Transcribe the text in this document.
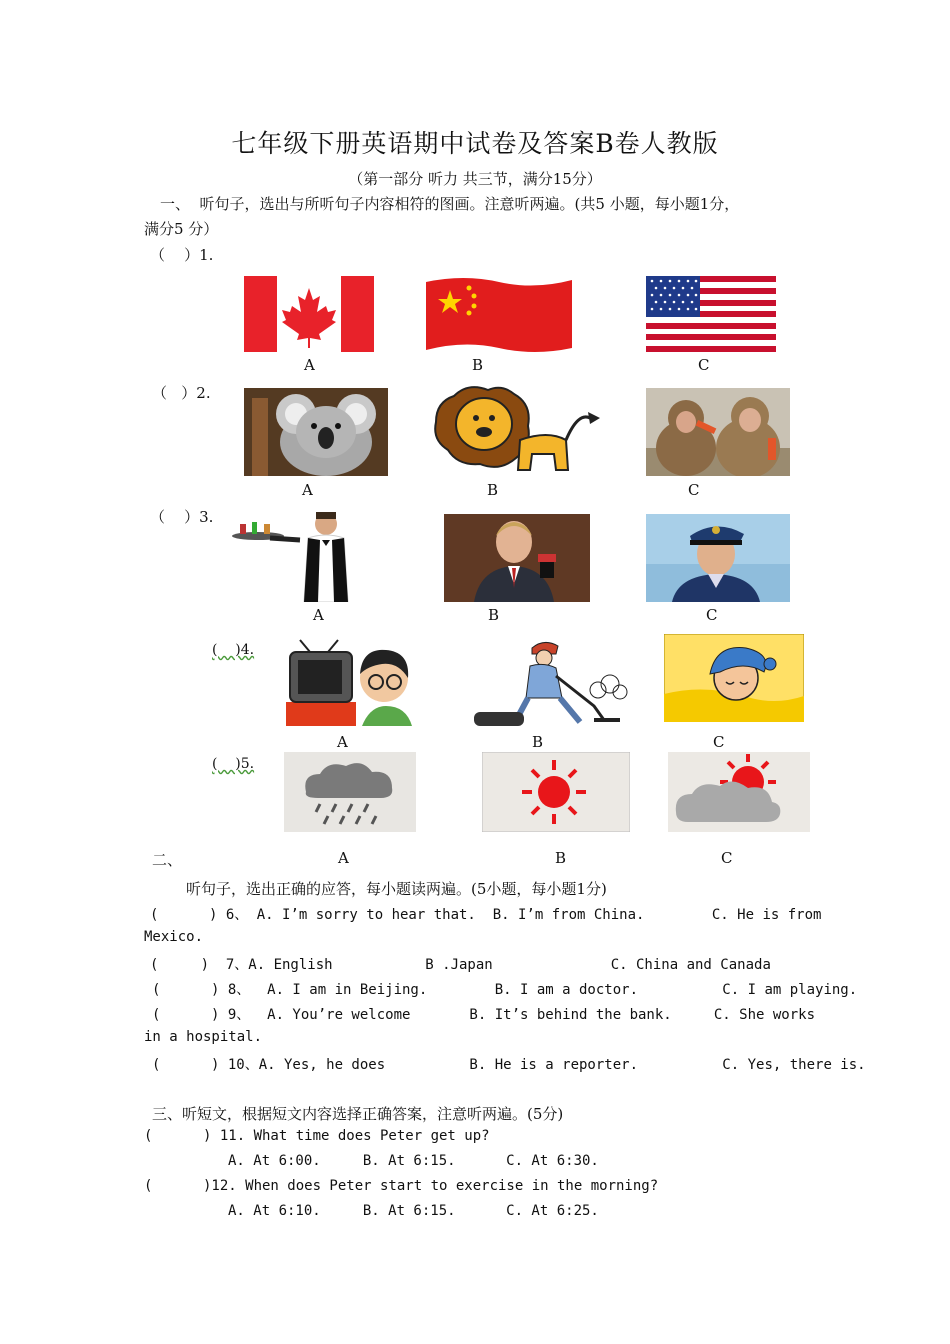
七年级下册英语期中试卷及答案B卷人教版
（第一部分 听力 共三节，满分15分）
一、  听句子，选出与所听句子内容相符的图画。注意听两遍。(共5 小题，每小题1分，
满分5 分）
（    ）1.
A	B	C
（   ）2.
A	B	C
（    ）3.
A	B	C
(    )4.
A	B	C
(    )5.
二、	A	B	C
听句子，选出正确的应答，每小题读两遍。(5小题，每小题1分)
(      ) 6、 A. I’m sorry to hear that.  B. I’m from China.        C. He is from
Mexico.
(     )  7、A. English           B .Japan              C. China and Canada
(      ) 8、  A. I am in Beijing.        B. I am a doctor.          C. I am playing.
(      ) 9、  A. You’re welcome       B. It’s behind the bank.     C. She works
in a hospital.
(      ) 10、A. Yes, he does          B. He is a reporter.          C. Yes, there is.
三、听短文，根据短文内容选择正确答案，注意听两遍。(5分)
(      ) 11. What time does Peter get up?
A. At 6:00.     B. At 6:15.      C. At 6:30.
(      )12. When does Peter start to exercise in the morning?
A. At 6:10.     B. At 6:15.      C. At 6:25.
